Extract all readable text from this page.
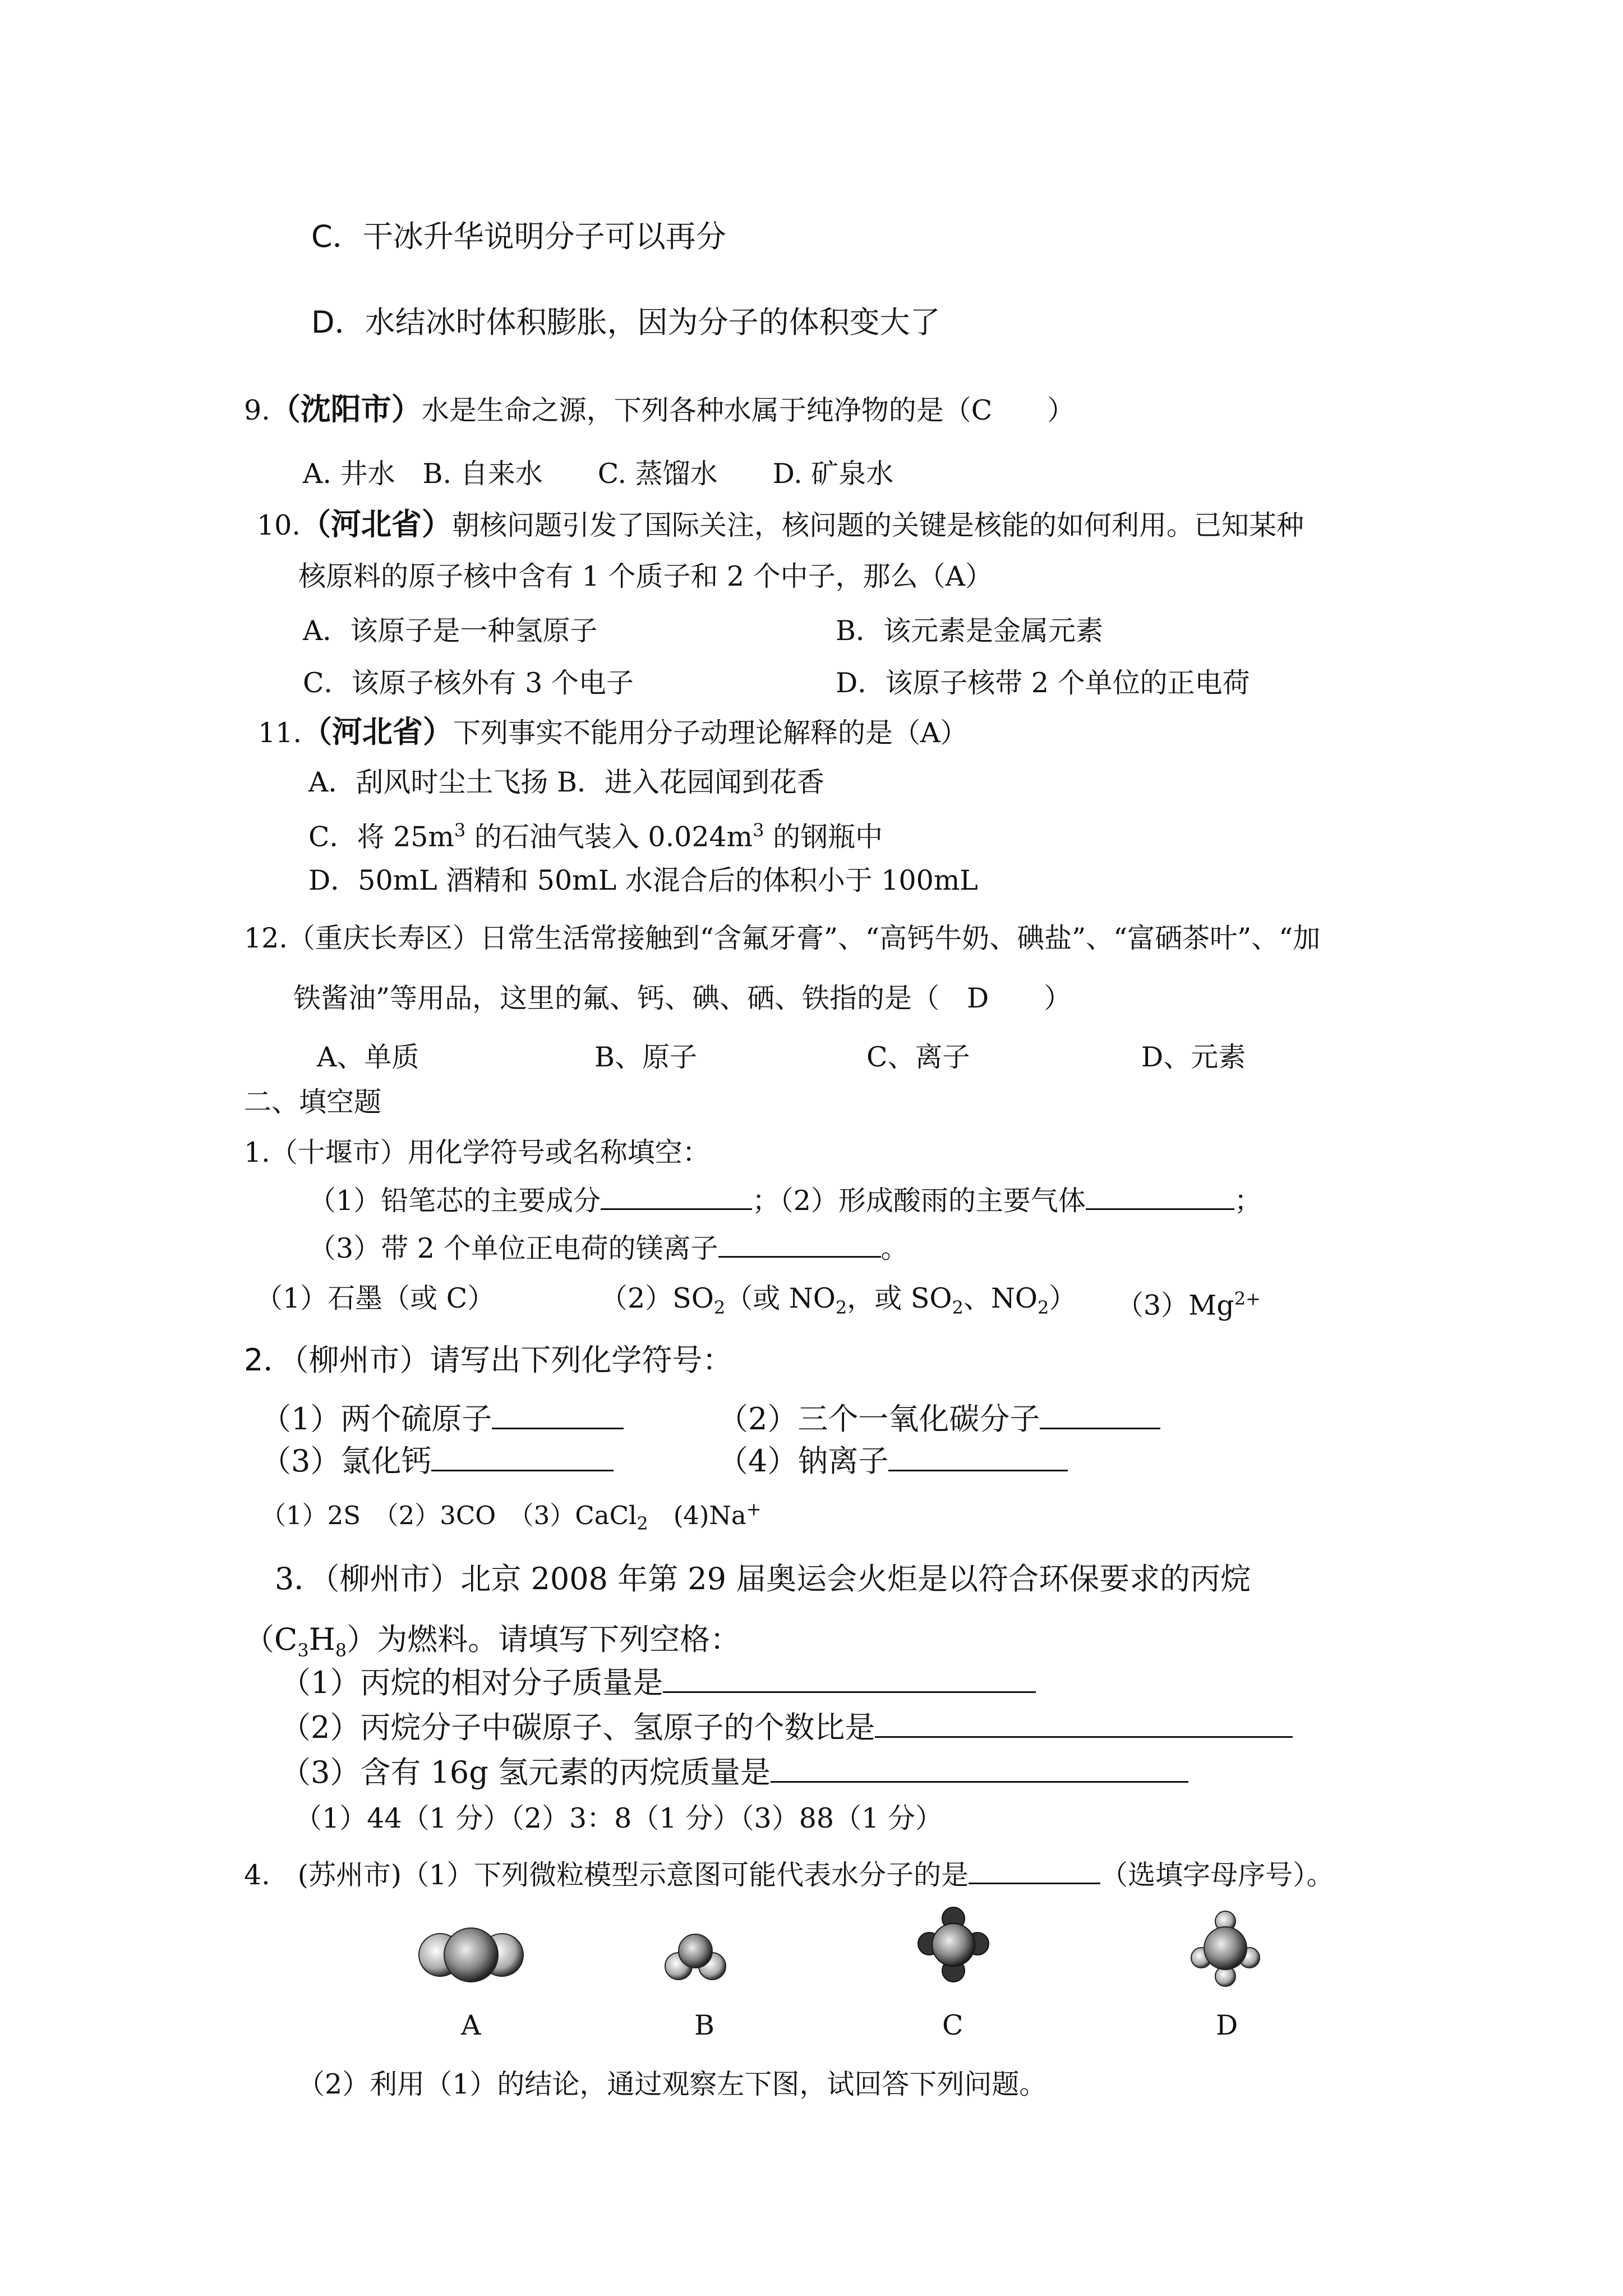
C．干冰升华说明分子可以再分
D．水结冰时体积膨胀，因为分子的体积变大了
9.（沈阳市）水是生命之源，下列各种水属于纯净物的是（C　　）
A. 井水　B. 自来水　　C. 蒸馏水　　D. 矿泉水
10.（河北省）朝核问题引发了国际关注，核问题的关键是核能的如何利用。已知某种
核原料的原子核中含有 1 个质子和 2 个中子，那么（A）
A．该原子是一种氢原子	B．该元素是金属元素
C．该原子核外有 3 个电子	D．该原子核带 2 个单位的正电荷
11.（河北省）下列事实不能用分子动理论解释的是（A）
A．刮风时尘土飞扬 B．进入花园闻到花香
C．将 $25m^3$ 的石油气装入 $0.024m^3$ 的钢瓶中
D．50mL 酒精和 50mL 水混合后的体积小于 100mL
12.（重庆长寿区）日常生活常接触到“含氟牙膏”、“高钙牛奶、碘盐”、“富硒茶叶”、“加
铁酱油”等用品，这里的氟、钙、碘、硒、铁指的是（　D　　）
A、单质	B、原子	C、离子	D、元素
二、填空题
1.（十堰市）用化学符号或名称填空：
（1）铅笔芯的主要成分	；（2）形成酸雨的主要气体	；
（3）带 2 个单位正电荷的镁离子	。
（1）石墨（或 C）	$(2)SO_2$（或 $NO_2$，或 $SO_2$、$NO_2$） $(3)Mg^{2+}$
2．（柳州市）请写出下列化学符号：
（1）两个硫原子	（2）三个一氧化碳分子
（3）氯化钙	（4）钠离子
（1）2S　（2）3CO　（3）CaCl$_2$　(4)Na+
3．（柳州市）北京 2008 年第 29 届奥运会火炬是以符合环保要求的丙烷
$(C_3H_8)$为燃料。请填写下列空格：
（1）丙烷的相对分子质量是
（2）丙烷分子中碳原子、氢原子的个数比是
（3）含有 16g 氢元素的丙烷质量是
（1）44（1 分）（2）3：8（1 分）（3）88（1 分）
4.　(苏州市)（1）下列微粒模型示意图可能代表水分子的是	（选填字母序号）。
A	B	C	D
（2）利用（1）的结论，通过观察左下图，试回答下列问题。
